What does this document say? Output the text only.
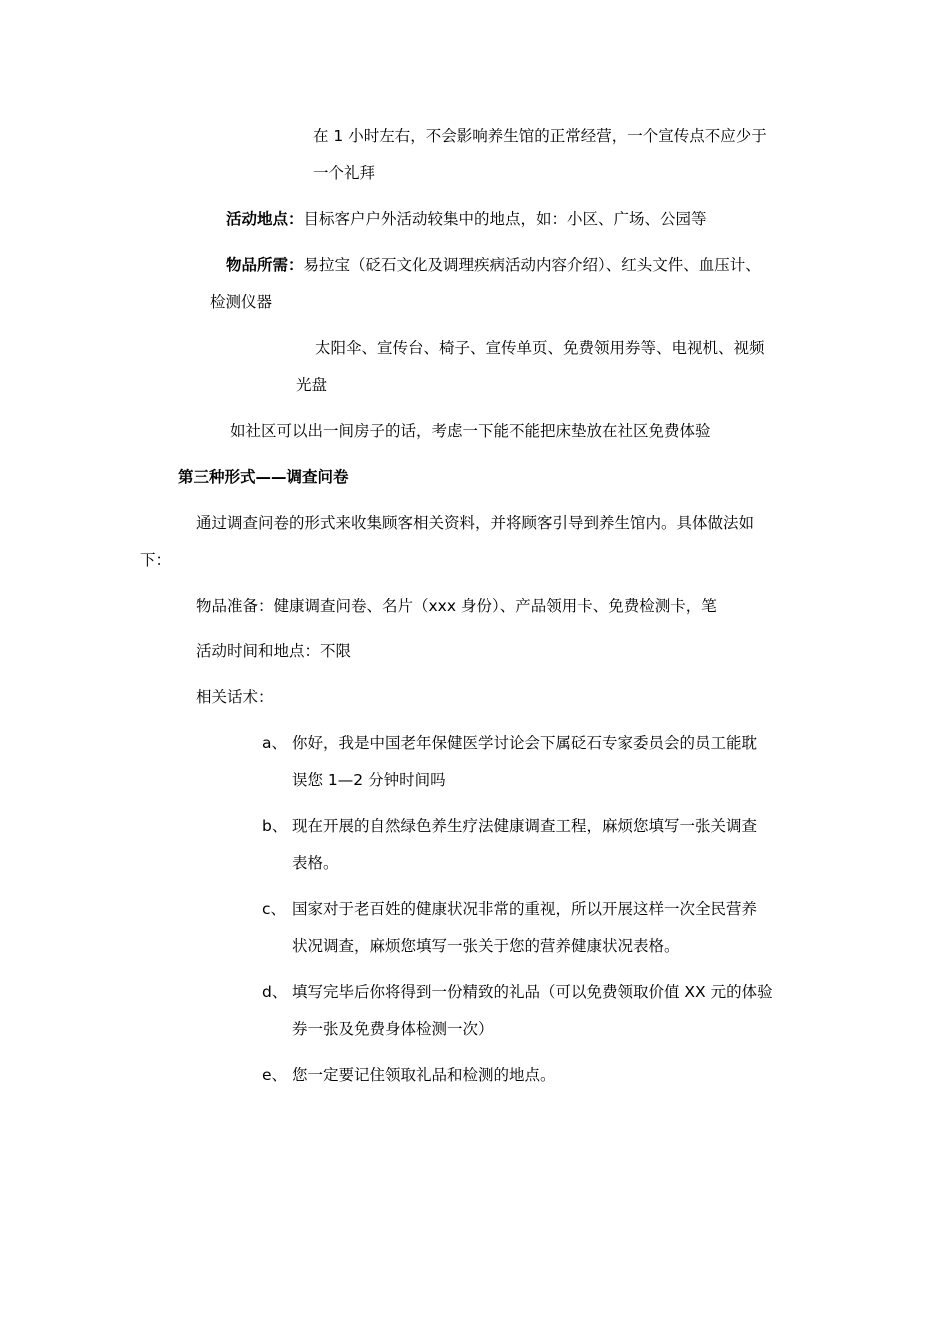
在 1 小时左右，不会影响养生馆的正常经营，一个宣传点不应少于
一个礼拜
活动地点：目标客户户外活动较集中的地点，如：小区、广场、公园等
物品所需：易拉宝（砭石文化及调理疾病活动内容介绍）、红头文件、血压计、
检测仪器
太阳伞、宣传台、椅子、宣传单页、免费领用券等、电视机、视频
光盘
如社区可以出一间房子的话，考虑一下能不能把床垫放在社区免费体验
第三种形式——调查问卷
通过调查问卷的形式来收集顾客相关资料，并将顾客引导到养生馆内。具体做法如
下：
物品准备：健康调查问卷、名片（xxx 身份）、产品领用卡、免费检测卡，笔
活动时间和地点：不限
相关话术：
a、 你好，我是中国老年保健医学讨论会下属砭石专家委员会的员工能耽
误您 1—2 分钟时间吗
b、 现在开展的自然绿色养生疗法健康调查工程，麻烦您填写一张关调查
表格。
c、 国家对于老百姓的健康状况非常的重视，所以开展这样一次全民营养
状况调查，麻烦您填写一张关于您的营养健康状况表格。
d、 填写完毕后你将得到一份精致的礼品（可以免费领取价值 XX 元的体验
券一张及免费身体检测一次）
e、 您一定要记住领取礼品和检测的地点。
